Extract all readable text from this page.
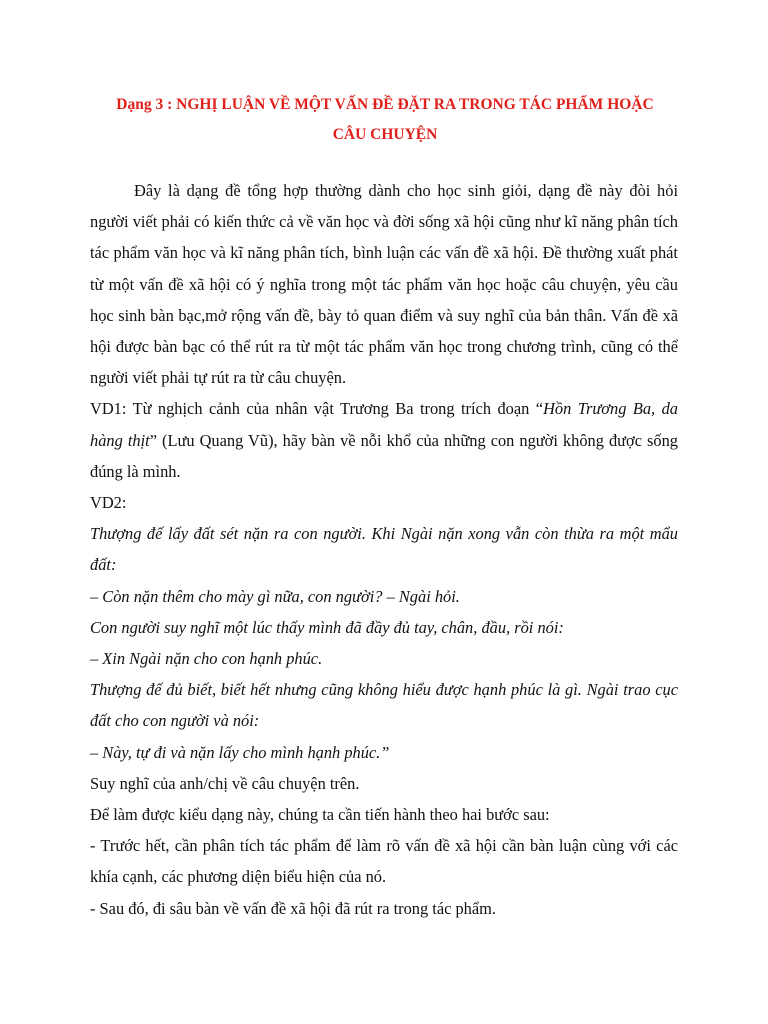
Dạng 3 : NGHỊ LUẬN VỀ MỘT VẤN ĐỀ ĐẶT RA TRONG TÁC PHẨM HOẶC
CÂU CHUYỆN

Đây là dạng đề tổng hợp thường dành cho học sinh giỏi, dạng đề này đòi hỏi người viết phải có kiến thức cả về văn học và đời sống xã hội cũng như kĩ năng phân tích tác phẩm văn học và kĩ năng phân tích, bình luận các vấn đề xã hội. Đề thường xuất phát từ một vấn đề xã hội có ý nghĩa trong một tác phẩm văn học hoặc câu chuyện, yêu cầu học sinh bàn bạc,mở rộng vấn đề, bày tỏ quan điểm và suy nghĩ của bản thân. Vấn đề xã hội được bàn bạc có thể rút ra từ một tác phẩm văn học trong chương trình, cũng có thể người viết phải tự rút ra từ câu chuyện.

VD1: Từ nghịch cảnh của nhân vật Trương Ba trong trích đoạn “Hồn Trương Ba, da hàng thịt” (Lưu Quang Vũ), hãy bàn về nỗi khổ của những con người không được sống đúng là mình.

VD2:

Thượng đế lấy đất sét nặn ra con người. Khi Ngài nặn xong vẫn còn thừa ra một mẩu đất:

– Còn nặn thêm cho mày gì nữa, con người? – Ngài hỏi.

Con người suy nghĩ một lúc thấy mình đã đầy đủ tay, chân, đầu, rồi nói:

– Xin Ngài nặn cho con hạnh phúc.

Thượng đế đủ biết, biết hết nhưng cũng không hiểu được hạnh phúc là gì. Ngài trao cục đất cho con người và nói:

– Này, tự đi và nặn lấy cho mình hạnh phúc.”

Suy nghĩ của anh/chị về câu chuyện trên.

Để làm được kiểu dạng này, chúng ta cần tiến hành theo hai bước sau:

- Trước hết, cần phân tích tác phẩm để làm rõ vấn đề xã hội cần bàn luận cùng với các khía cạnh, các phương diện biểu hiện của nó.

- Sau đó, đi sâu bàn về vấn đề xã hội đã rút ra trong tác phẩm.
